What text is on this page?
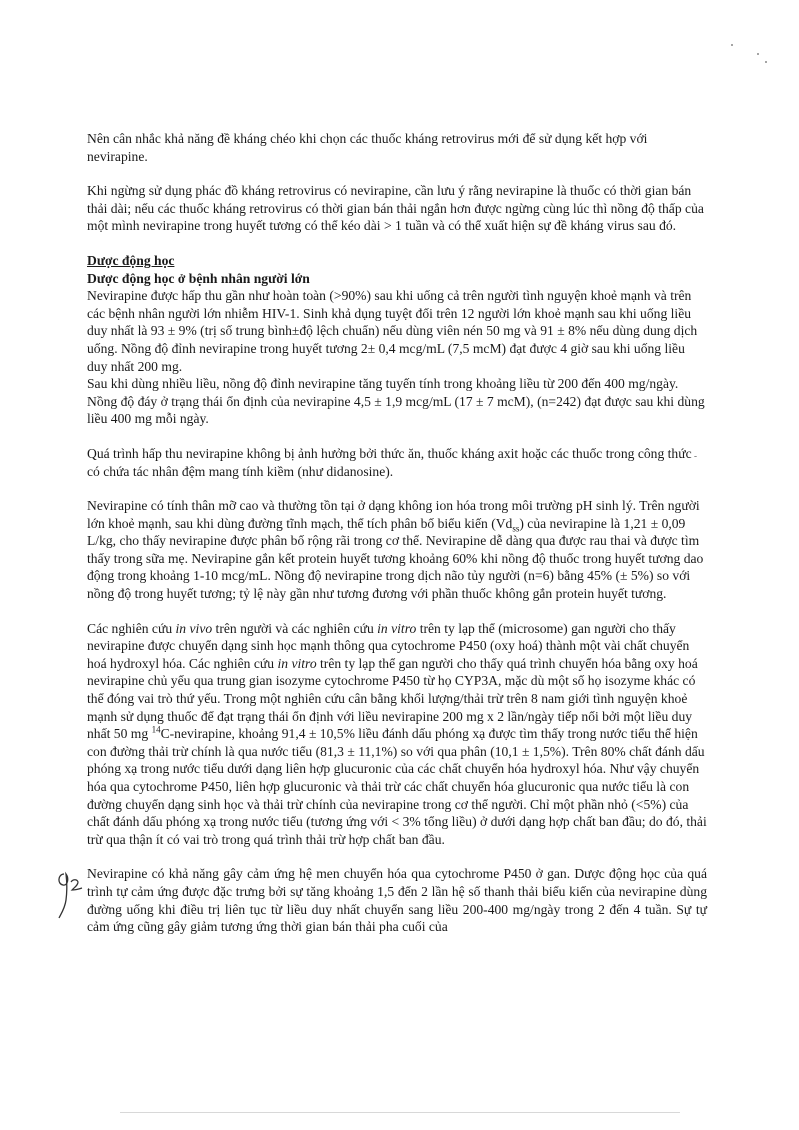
Nên cân nhắc khả năng đề kháng chéo khi chọn các thuốc kháng retrovirus mới để sử dụng kết hợp với nevirapine.

Khi ngừng sử dụng phác đồ kháng retrovirus có nevirapine, cần lưu ý rằng nevirapine là thuốc có thời gian bán thải dài; nếu các thuốc kháng retrovirus có thời gian bán thải ngắn hơn được ngừng cùng lúc thì nồng độ thấp của một mình nevirapine trong huyết tương có thể kéo dài > 1 tuần và có thể xuất hiện sự đề kháng virus sau đó.

Dược động học

Dược động học ở bệnh nhân người lớn

Nevirapine được hấp thu gần như hoàn toàn (>90%) sau khi uống cả trên người tình nguyện khoẻ mạnh và trên các bệnh nhân người lớn nhiễm HIV-1. Sinh khả dụng tuyệt đối trên 12 người lớn khoẻ mạnh sau khi uống liều duy nhất là 93 ± 9% (trị số trung bình±độ lệch chuẩn) nếu dùng viên nén 50 mg và 91 ± 8% nếu dùng dung dịch uống. Nồng độ đỉnh nevirapine trong huyết tương 2± 0,4 mcg/mL (7,5 mcM) đạt được 4 giờ sau khi uống liều duy nhất 200 mg.

Sau khi dùng nhiều liều, nồng độ đỉnh nevirapine tăng tuyến tính trong khoảng liều từ 200 đến 400 mg/ngày. Nồng độ đáy ở trạng thái ổn định của nevirapine 4,5 ± 1,9 mcg/mL (17 ± 7 mcM), (n=242) đạt được sau khi dùng liều 400 mg mỗi ngày.

Quá trình hấp thu nevirapine không bị ảnh hưởng bởi thức ăn, thuốc kháng axit hoặc các thuốc trong công thức có chứa tác nhân đệm mang tính kiềm (như didanosine).

Nevirapine có tính thân mỡ cao và thường tồn tại ở dạng không ion hóa trong môi trường pH sinh lý. Trên người lớn khoẻ mạnh, sau khi dùng đường tĩnh mạch, thể tích phân bố biểu kiến $(Vd_{ss})$ của nevirapine là 1,21 ± 0,09 L/kg, cho thấy nevirapine được phân bố rộng rãi trong cơ thể. Nevirapine dễ dàng qua được rau thai và được tìm thấy trong sữa mẹ. Nevirapine gắn kết protein huyết tương khoảng 60% khi nồng độ thuốc trong huyết tương dao động trong khoảng 1-10 mcg/mL. Nồng độ nevirapine trong dịch não tủy người (n=6) bằng 45% (± 5%) so với nồng độ trong huyết tương; tỷ lệ này gần như tương đương với phần thuốc không gắn protein huyết tương.

Các nghiên cứu in vivo trên người và các nghiên cứu in vitro trên ty lạp thể (microsome) gan người cho thấy nevirapine được chuyển dạng sinh học mạnh thông qua cytochrome P450 (oxy hoá) thành một vài chất chuyển hoá hydroxyl hóa. Các nghiên cứu in vitro trên ty lạp thể gan người cho thấy quá trình chuyển hóa bằng oxy hoá nevirapine chủ yếu qua trung gian isozyme cytochrome P450 từ họ CYP3A, mặc dù một số họ isozyme khác có thể đóng vai trò thứ yếu. Trong một nghiên cứu cân bằng khối lượng/thải trừ trên 8 nam giới tình nguyện khoẻ mạnh sử dụng thuốc để đạt trạng thái ổn định với liều nevirapine 200 mg x 2 lần/ngày tiếp nối bởi một liều duy nhất 50 mg $^{14}$C-nevirapine, khoảng 91,4 ± 10,5% liều đánh dấu phóng xạ được tìm thấy trong nước tiểu thể hiện con đường thải trừ chính là qua nước tiểu (81,3 ± 11,1%) so với qua phân (10,1 ± 1,5%). Trên 80% chất đánh dấu phóng xạ trong nước tiểu dưới dạng liên hợp glucuronic của các chất chuyển hóa hydroxyl hóa. Như vậy chuyển hóa qua cytochrome P450, liên hợp glucuronic và thải trừ các chất chuyển hóa glucuronic qua nước tiểu là con đường chuyển dạng sinh học và thải trừ chính của nevirapine trong cơ thể người. Chỉ một phần nhỏ (<5%) của chất đánh dấu phóng xạ trong nước tiểu (tương ứng với < 3% tổng liều) ở dưới dạng hợp chất ban đầu; do đó, thải trừ qua thận ít có vai trò trong quá trình thải trừ hợp chất ban đầu.

Nevirapine có khả năng gây cảm ứng hệ men chuyển hóa qua cytochrome P450 ở gan. Dược động học của quá trình tự cảm ứng được đặc trưng bởi sự tăng khoảng 1,5 đến 2 lần hệ số thanh thải biểu kiến của nevirapine dùng đường uống khi điều trị liên tục từ liều duy nhất chuyển sang liều 200-400 mg/ngày trong 2 đến 4 tuần. Sự tự cảm ứng cũng gây giảm tương ứng thời gian bán thải pha cuối của
